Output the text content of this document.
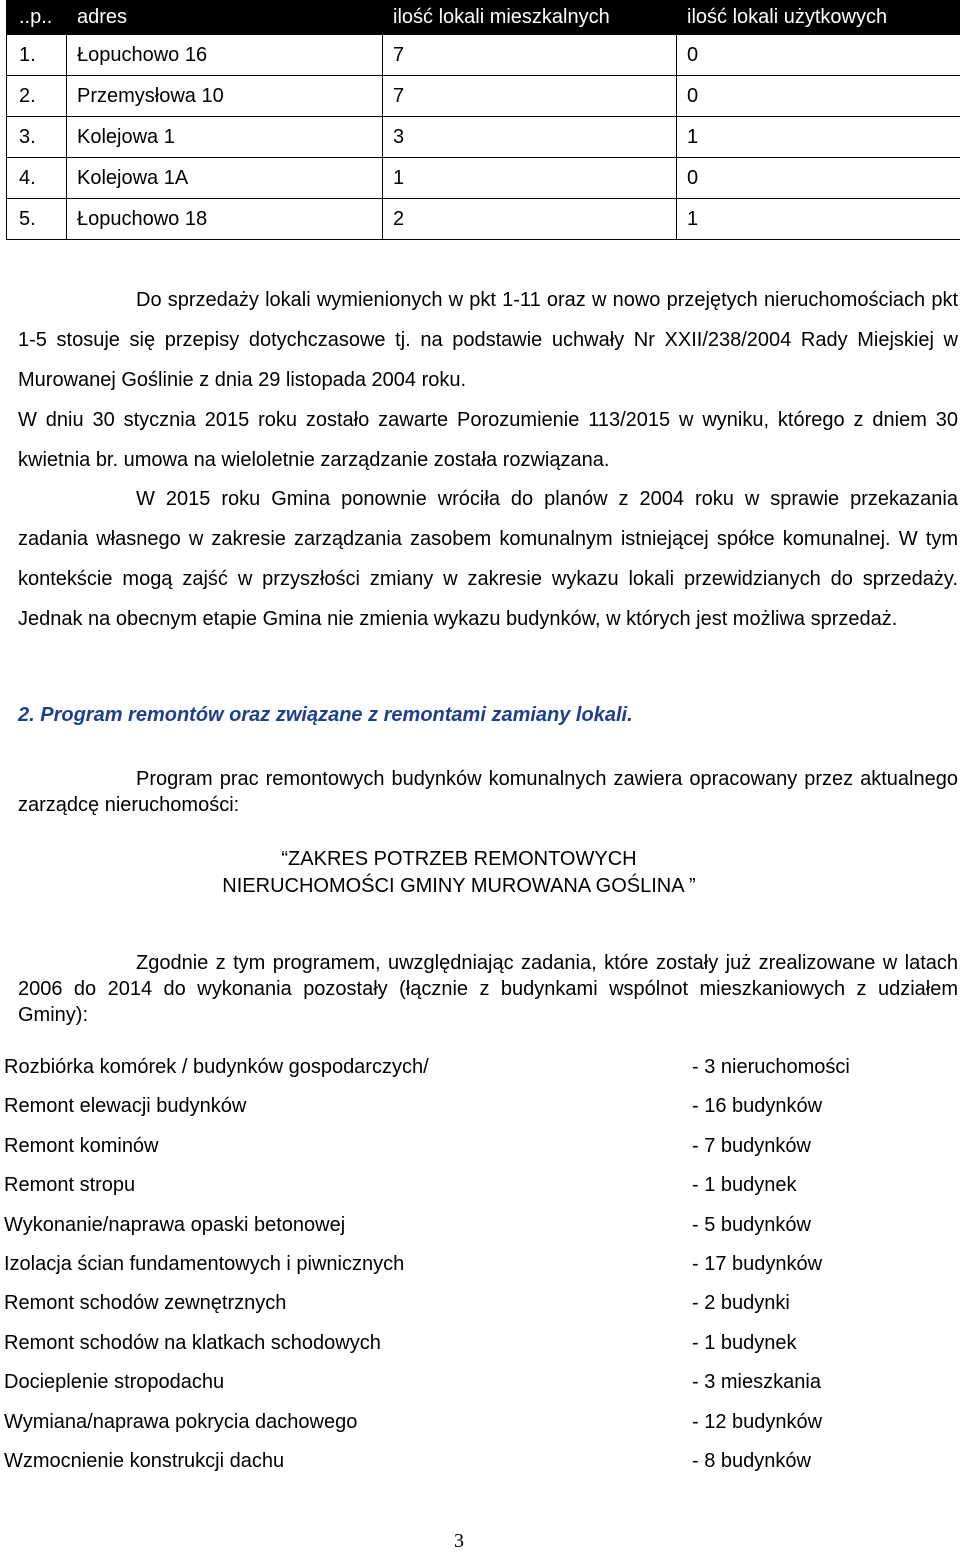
..p..	adres	ilość lokali mieszkalnych	ilość lokali użytkowych
1.	Łopuchowo 16	7	0
2.	Przemysłowa 10	7	0
3.	Kolejowa 1	3	1
4.	Kolejowa 1A	1	0
5.	Łopuchowo 18	2	1
Do sprzedaży lokali wymienionych w pkt 1-11 oraz w nowo przejętych nieruchomościach pkt 1-5 stosuje się przepisy dotychczasowe tj. na podstawie uchwały Nr XXII/238/2004 Rady Miejskiej w Murowanej Goślinie z dnia 29 listopada 2004 roku.
W dniu 30 stycznia 2015 roku zostało zawarte Porozumienie 113/2015 w wyniku, którego z dniem 30 kwietnia br. umowa na wieloletnie zarządzanie została rozwiązana.
W 2015 roku Gmina ponownie wróciła do planów z 2004 roku w sprawie przekazania zadania własnego w zakresie zarządzania zasobem komunalnym istniejącej spółce komunalnej. W tym kontekście mogą zajść w przyszłości zmiany w zakresie wykazu lokali przewidzianych do sprzedaży. Jednak na obecnym etapie Gmina nie zmienia wykazu budynków, w których jest możliwa sprzedaż.
2. Program remontów oraz związane z remontami zamiany lokali.
Program prac remontowych budynków komunalnych zawiera opracowany przez aktualnego zarządcę nieruchomości:
“ZAKRES POTRZEB REMONTOWYCH
NIERUCHOMOŚCI GMINY MUROWANA GOŚLINA ”
Zgodnie z tym programem, uwzględniając zadania, które zostały już zrealizowane w latach 2006 do 2014 do wykonania pozostały (łącznie z budynkami wspólnot mieszkaniowych z udziałem Gminy):
Rozbiórka komórek / budynków gospodarczych/	- 3 nieruchomości
Remont elewacji budynków	- 16 budynków
Remont kominów	- 7 budynków
Remont stropu	- 1 budynek
Wykonanie/naprawa opaski betonowej	- 5 budynków
Izolacja ścian fundamentowych i piwnicznych	- 17 budynków
Remont schodów zewnętrznych	- 2 budynki
Remont schodów na klatkach schodowych	- 1 budynek
Docieplenie stropodachu	- 3 mieszkania
Wymiana/naprawa pokrycia dachowego	- 12 budynków
Wzmocnienie konstrukcji dachu	- 8 budynków
3
